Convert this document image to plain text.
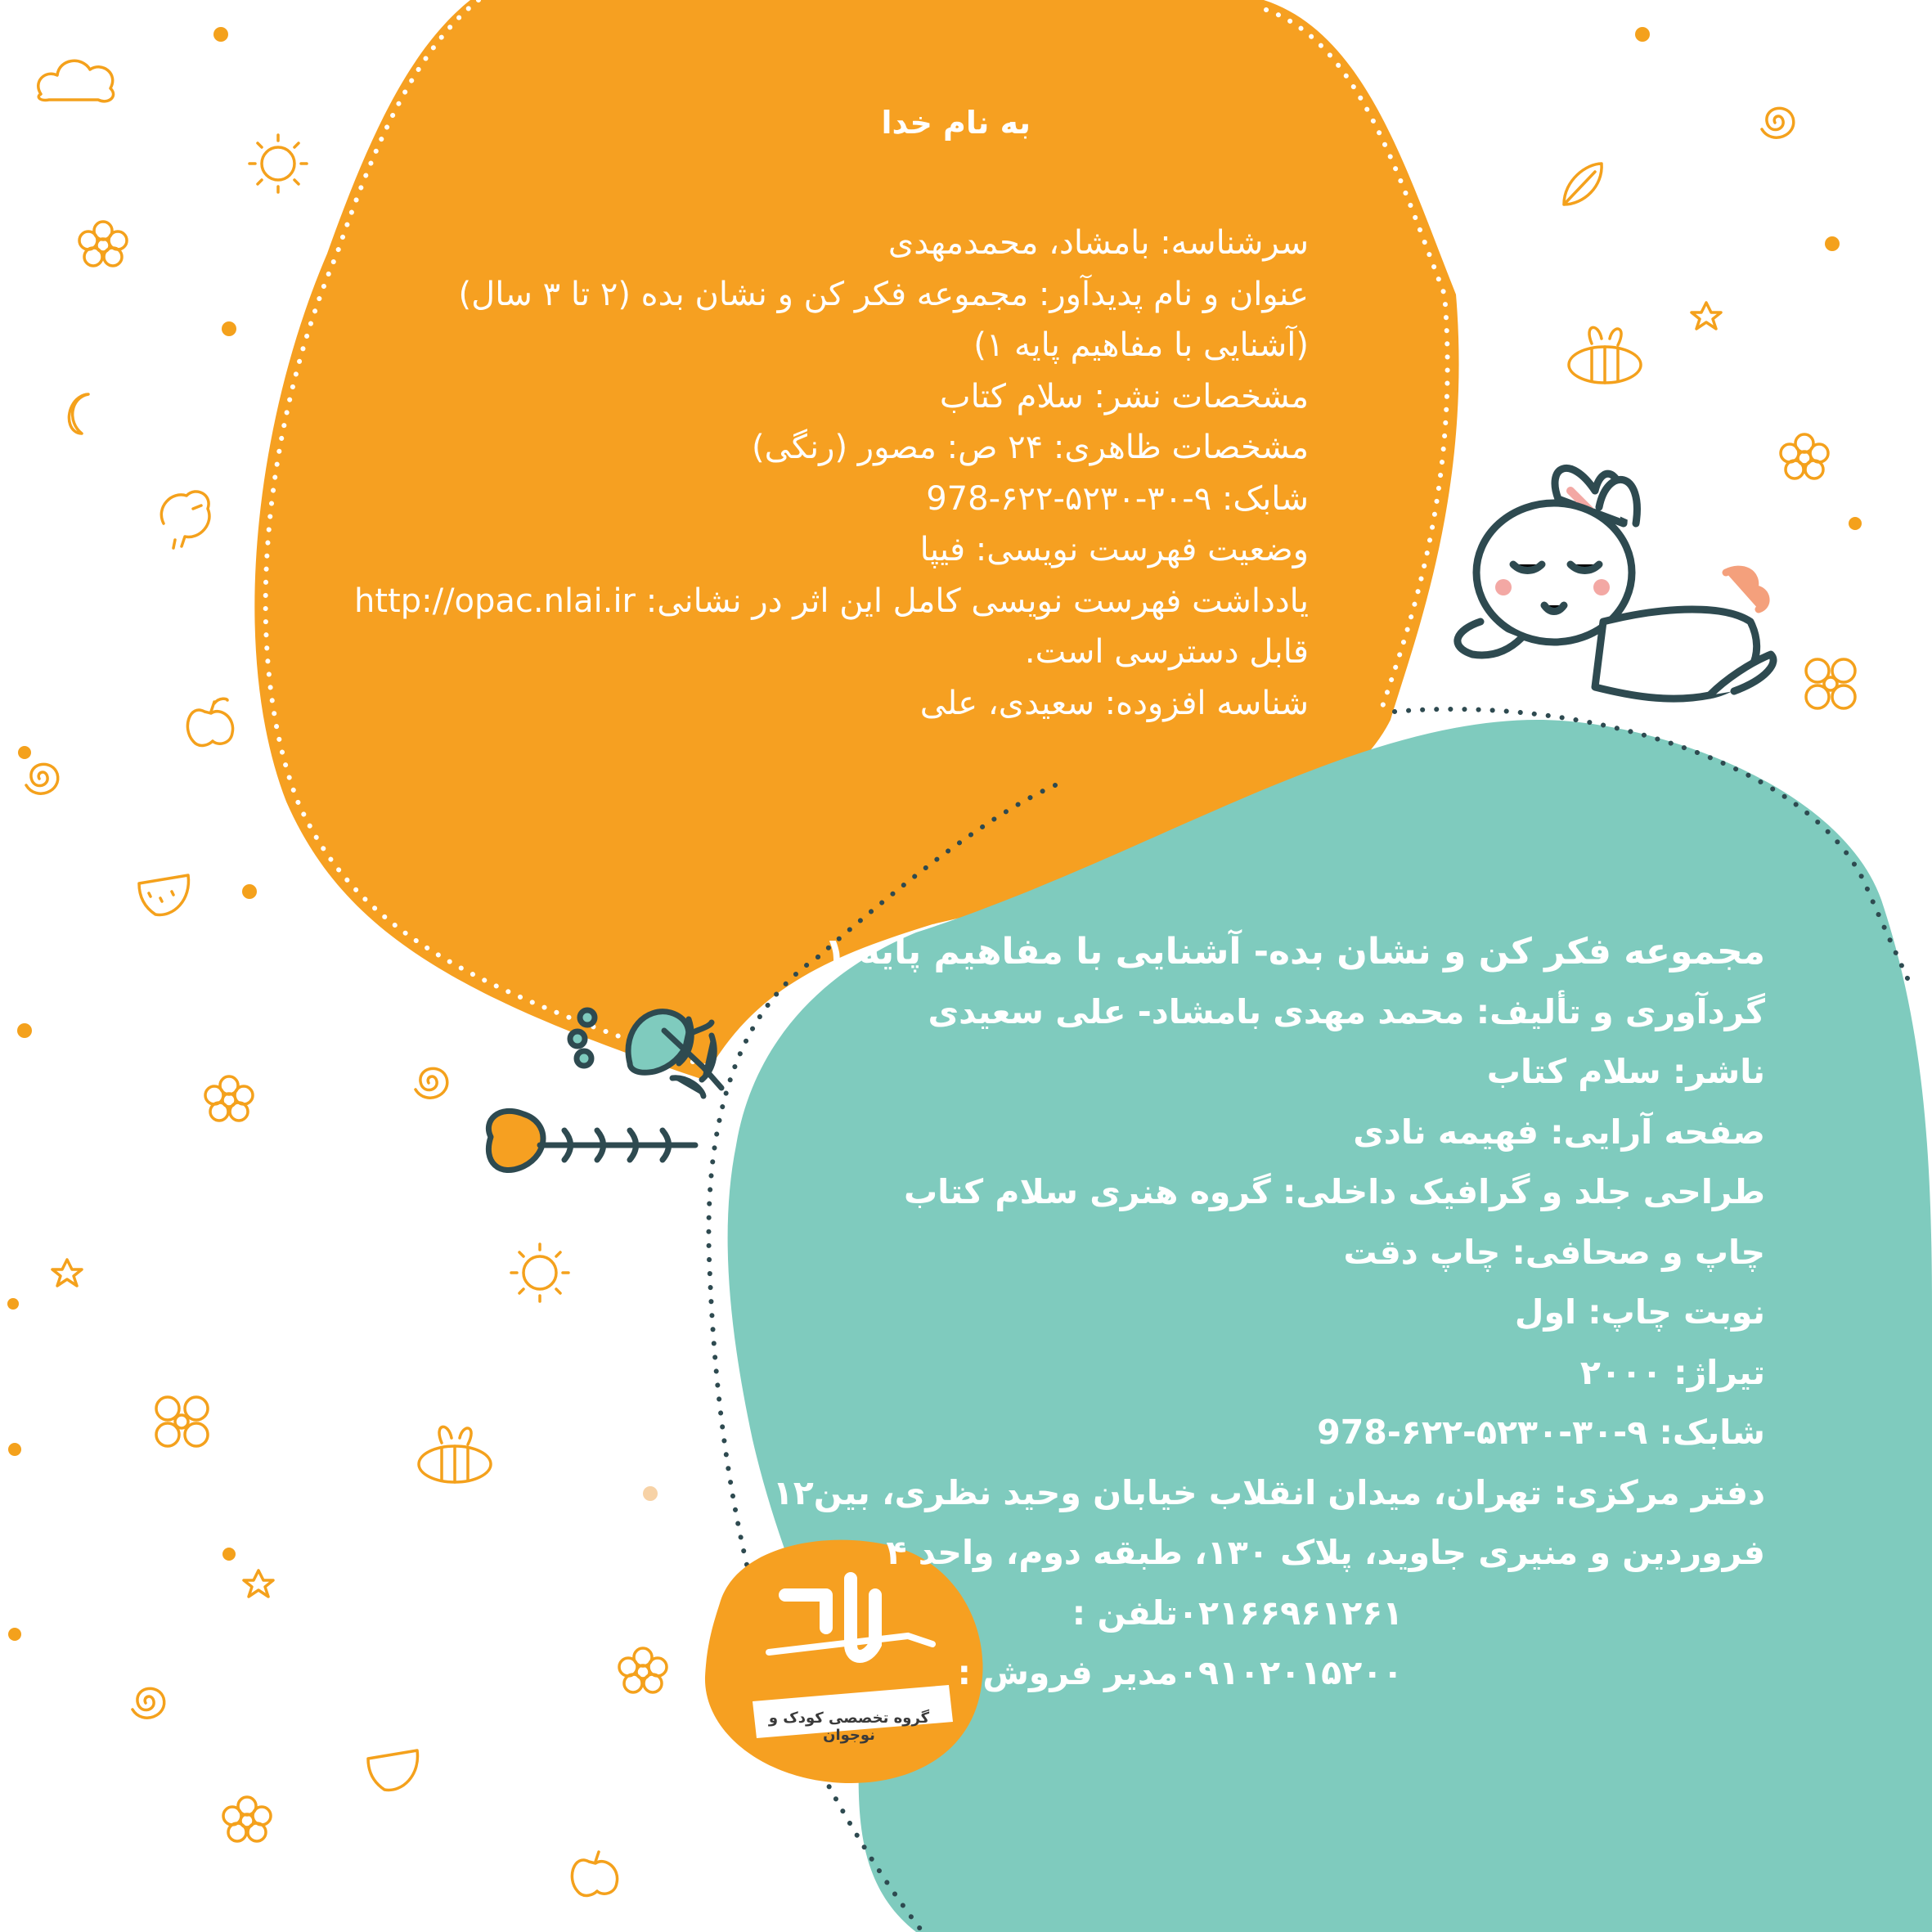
به نام خدا
سرشناسه: بامشاد، محمدمهدی
عنوان و نام پدیدآور: مجموعه فکر کن و نشان بده (۲ تا ۳ سال)
(آشنایی با مفاهیم پایه ۱)
مشخصات نشر: سلام کتاب
مشخصات ظاهری: ۲۴ ص: مصور (رنگی)
شابک: ۹-۳۰-۵۲۳۰-۶۲۲-978
وضعیت فهرست نویسی: فیپا
یادداشت فهرست نویسی کامل این اثر در نشانی: http://opac.nlai.ir
قابل دسترسی است.
شناسه افزوده: سعیدی، علی
مجموعه فکر کن و نشان بده- آشنایی با مفاهیم پایه ۱
گردآوری و تألیف: محمد مهدی بامشاد- علی سعیدی
ناشر: سلام کتاب
صفحه آرایی: فهیمه نادی
طراحی جلد و گرافیک داخلی: گروه هنری سلام کتاب
چاپ و صحافی: چاپ دقت
نوبت چاپ: اول
تیراژ: ۲۰۰۰
شابک: ۹-۳۰-۵۲۳۰-۶۲۲-978
دفتر مرکزی: تهران، میدان انقلاب خیابان وحید نظری، بین۱۲
فروردین و منیری جاوید، پلاک ۱۳۰، طبقه دوم، واحد ۴
تلفن : ۰۲۱۶۶۹۶۱۲۶۱
مدیر فروش : ۰۹۱۰۲۰۱۵۲۰۰
گروه تخصصی کودک و نوجوان
